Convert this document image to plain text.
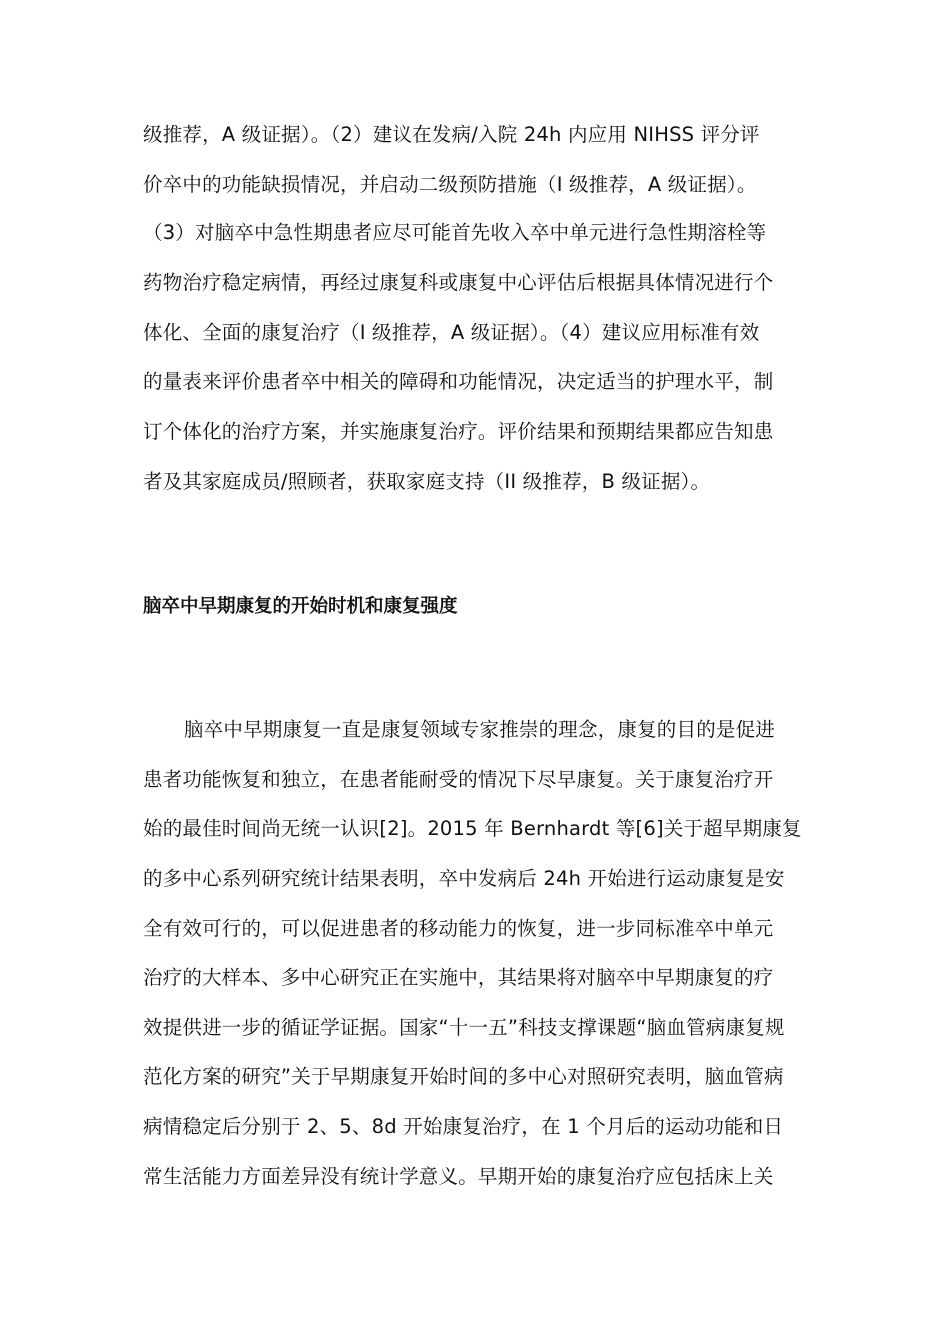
级推荐，A 级证据）。（2）建议在发病/入院 24h 内应用 NIHSS 评分评
价卒中的功能缺损情况，并启动二级预防措施（I 级推荐，A 级证据）。
（3）对脑卒中急性期患者应尽可能首先收入卒中单元进行急性期溶栓等
药物治疗稳定病情，再经过康复科或康复中心评估后根据具体情况进行个
体化、全面的康复治疗（I 级推荐，A 级证据）。（4）建议应用标准有效
的量表来评价患者卒中相关的障碍和功能情况，决定适当的护理水平，制
订个体化的治疗方案，并实施康复治疗。评价结果和预期结果都应告知患
者及其家庭成员/照顾者，获取家庭支持（II 级推荐，B 级证据）。
脑卒中早期康复的开始时机和康复强度
脑卒中早期康复一直是康复领域专家推崇的理念，康复的目的是促进
患者功能恢复和独立，在患者能耐受的情况下尽早康复。关于康复治疗开
始的最佳时间尚无统一认识[2]。2015 年 Bernhardt 等[6]关于超早期康复
的多中心系列研究统计结果表明，卒中发病后 24h 开始进行运动康复是安
全有效可行的，可以促进患者的移动能力的恢复，进一步同标准卒中单元
治疗的大样本、多中心研究正在实施中，其结果将对脑卒中早期康复的疗
效提供进一步的循证学证据。国家“十一五”科技支撑课题“脑血管病康复规
范化方案的研究”关于早期康复开始时间的多中心对照研究表明，脑血管病
病情稳定后分别于 2、5、8d 开始康复治疗，在 1 个月后的运动功能和日
常生活能力方面差异没有统计学意义。早期开始的康复治疗应包括床上关
